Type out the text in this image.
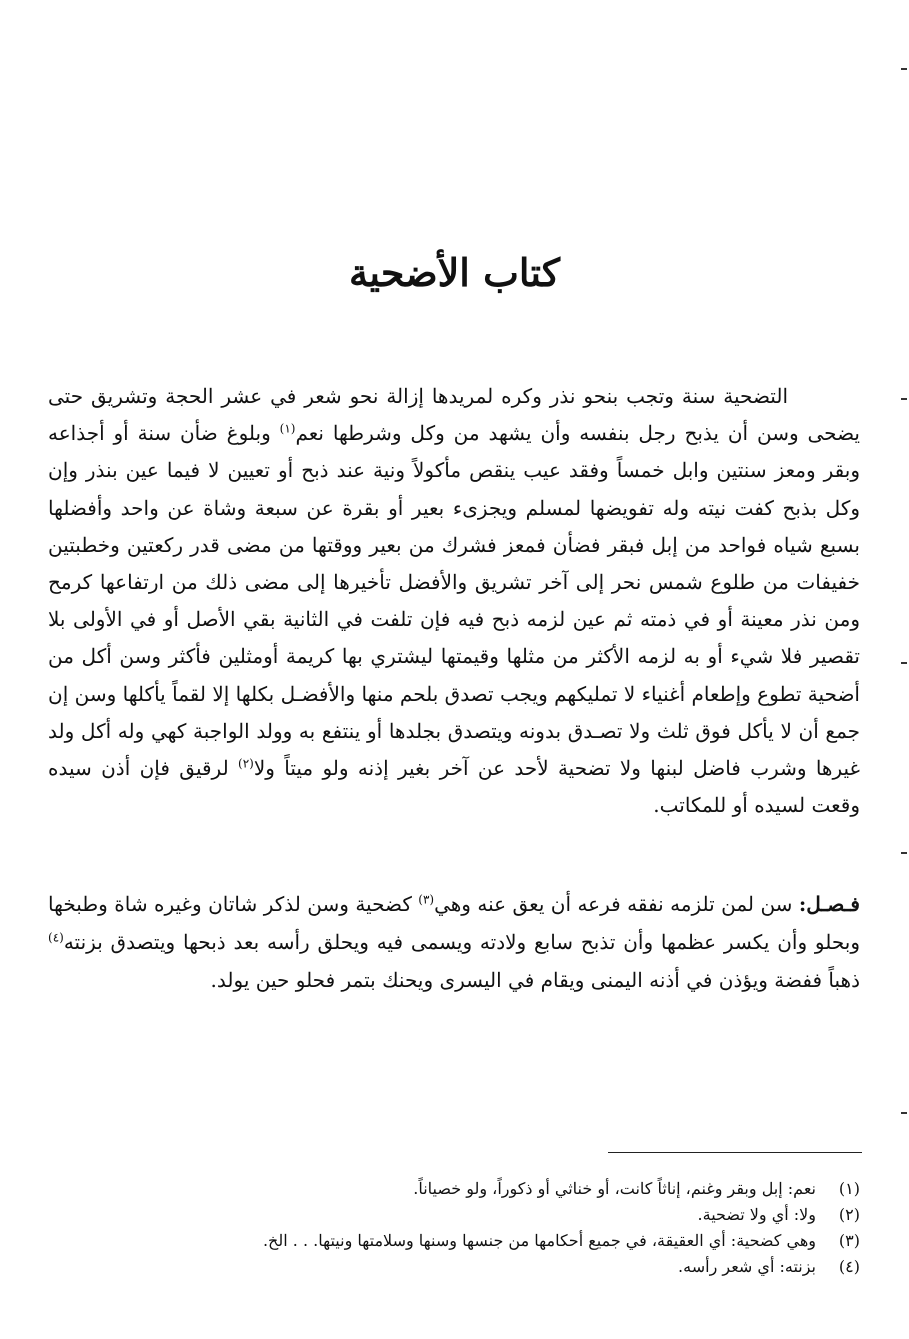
كتاب الأضحية

التضحية سنة وتجب بنحو نذر وكره لمريدها إزالة نحو شعر في عشر الحجة وتشريق حتى يضحى وسن أن يذبح رجل بنفسه وأن يشهد من وكل وشرطها نعم$^{(١)}$ وبلوغ ضأن سنة أو أجذاعه وبقر ومعز سنتين وابل خمساً وفقد عيب ينقص مأكولاً ونية عند ذبح أو تعيين لا فيما عين بنذر وإن وكل بذبح كفت نيته وله تفويضها لمسلم ويجزىء بعير أو بقرة عن سبعة وشاة عن واحد وأفضلها بسبع شياه فواحد من إبل فبقر فضأن فمعز فشرك من بعير ووقتها من مضى قدر ركعتين وخطبتين خفيفات من طلوع شمس نحر إلى آخر تشريق والأفضل تأخيرها إلى مضى ذلك من ارتفاعها كرمح ومن نذر معينة أو في ذمته ثم عين لزمه ذبح فيه فإن تلفت في الثانية بقي الأصل أو في الأولى بلا تقصير فلا شيء أو به لزمه الأكثر من مثلها وقيمتها ليشتري بها كريمة أومثلين فأكثر وسن أكل من أضحية تطوع وإطعام أغنياء لا تمليكهم ويجب تصدق بلحم منها والأفضـل بكلها إلا لقماً يأكلها وسن إن جمع أن لا يأكل فوق ثلث ولا تصـدق بدونه ويتصدق بجلدها أو ينتفع به وولد الواجبة كهي وله أكل ولد غيرها وشرب فاضل لبنها ولا تضحية لأحد عن آخر بغير إذنه ولو ميتاً ولا$^{(٢)}$ لرقيق فإن أذن سيده وقعت لسيده أو للمكاتب.

فـصـل: سن لمن تلزمه نفقه فرعه أن يعق عنه وهي$^{(٣)}$ كضحية وسن لذكر شاتان وغيره شاة وطبخها وبحلو وأن يكسر عظمها وأن تذبح سابع ولادته ويسمى فيه ويحلق رأسه بعد ذبحها ويتصدق بزنته$^{(٤)}$ ذهباً ففضة ويؤذن في أذنه اليمنى ويقام في اليسرى ويحنك بتمر فحلو حين يولد.

(١)
نعم: إبل وبقر وغنم، إناثاً كانت، أو خناثي أو ذكوراً، ولو خصياناً.
(٢)
ولا: أي ولا تضحية.
(٣)
وهي كضحية: أي العقيقة، في جميع أحكامها من جنسها وسنها وسلامتها ونيتها. . . الخ.
(٤)
بزنته: أي شعر رأسه.
